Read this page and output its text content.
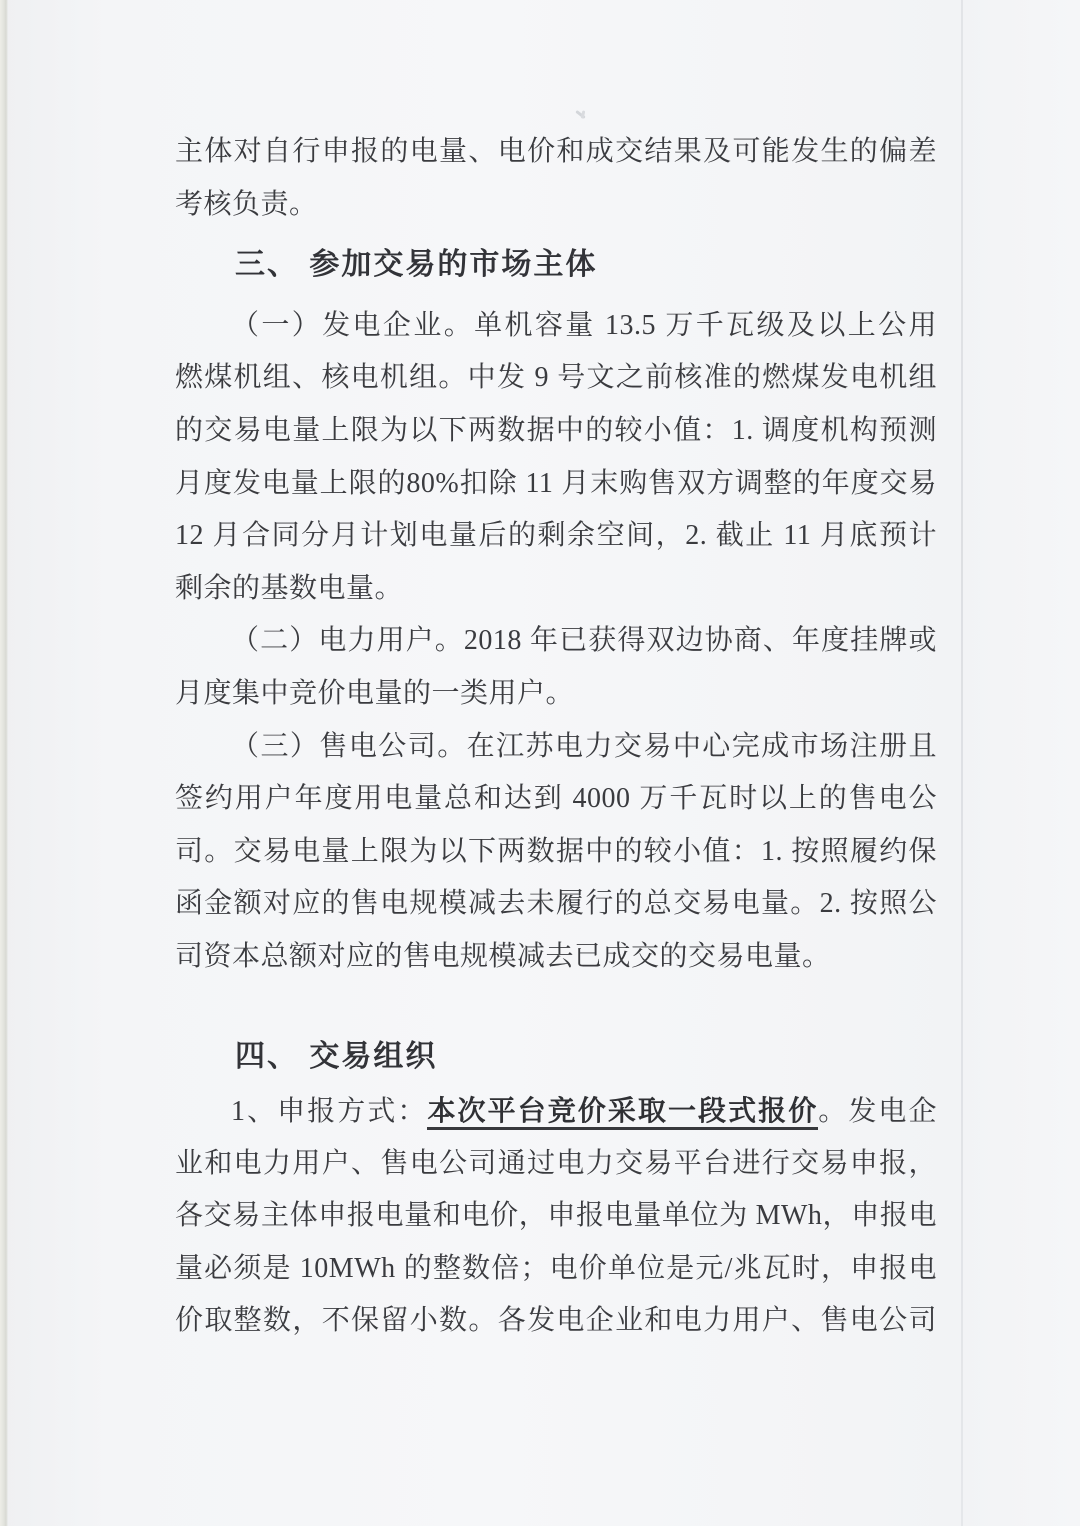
主体对自行申报的电量、电价和成交结果及可能发生的偏差
考核负责。
三、 参加交易的市场主体
（一）发电企业。单机容量 13.5 万千瓦级及以上公用
燃煤机组、核电机组。中发 9 号文之前核准的燃煤发电机组
的交易电量上限为以下两数据中的较小值：1. 调度机构预测
月度发电量上限的80%扣除 11 月末购售双方调整的年度交易
12 月合同分月计划电量后的剩余空间，2. 截止 11 月底预计
剩余的基数电量。
（二）电力用户。2018 年已获得双边协商、年度挂牌或
月度集中竞价电量的一类用户。
（三）售电公司。在江苏电力交易中心完成市场注册且
签约用户年度用电量总和达到 4000 万千瓦时以上的售电公
司。交易电量上限为以下两数据中的较小值：1. 按照履约保
函金额对应的售电规模减去未履行的总交易电量。2. 按照公
司资本总额对应的售电规模减去已成交的交易电量。
四、 交易组织
1、申报方式：本次平台竞价采取一段式报价。发电企
业和电力用户、售电公司通过电力交易平台进行交易申报，
各交易主体申报电量和电价，申报电量单位为 MWh，申报电
量必须是 10MWh 的整数倍；电价单位是元/兆瓦时，申报电
价取整数，不保留小数。各发电企业和电力用户、售电公司
